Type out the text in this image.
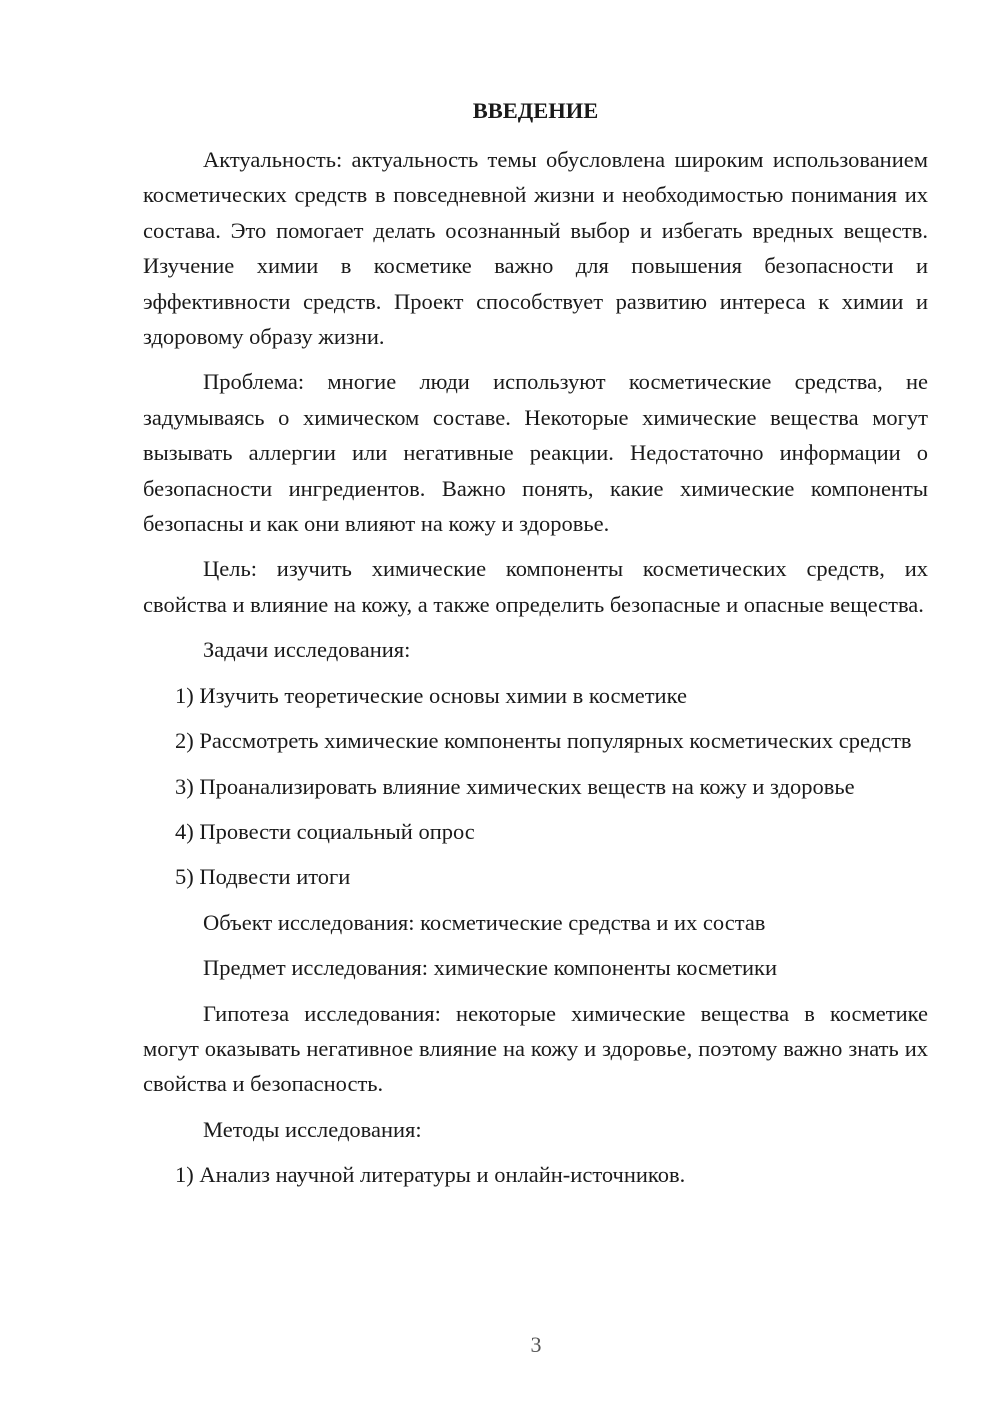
ВВЕДЕНИЕ

Актуальность: актуальность темы обусловлена широким использованием косметических средств в повседневной жизни и необходимостью понимания их состава. Это помогает делать осознанный выбор и избегать вредных веществ. Изучение химии в косметике важно для повышения безопасности и эффективности средств. Проект способствует развитию интереса к химии и здоровому образу жизни.

Проблема: многие люди используют косметические средства, не задумываясь о химическом составе. Некоторые химические вещества могут вызывать аллергии или негативные реакции. Недостаточно информации о безопасности ингредиентов. Важно понять, какие химические компоненты безопасны и как они влияют на кожу и здоровье.

Цель: изучить химические компоненты косметических средств, их свойства и влияние на кожу, а также определить безопасные и опасные вещества.

Задачи исследования:

1) Изучить теоретические основы химии в косметике

2) Рассмотреть химические компоненты популярных косметических средств

3) Проанализировать влияние химических веществ на кожу и здоровье

4) Провести социальный опрос

5) Подвести итоги

Объект исследования: косметические средства и их состав

Предмет исследования: химические компоненты косметики

Гипотеза исследования: некоторые химические вещества в косметике могут оказывать негативное влияние на кожу и здоровье, поэтому важно знать их свойства и безопасность.

Методы исследования:

1) Анализ научной литературы и онлайн-источников.

3
